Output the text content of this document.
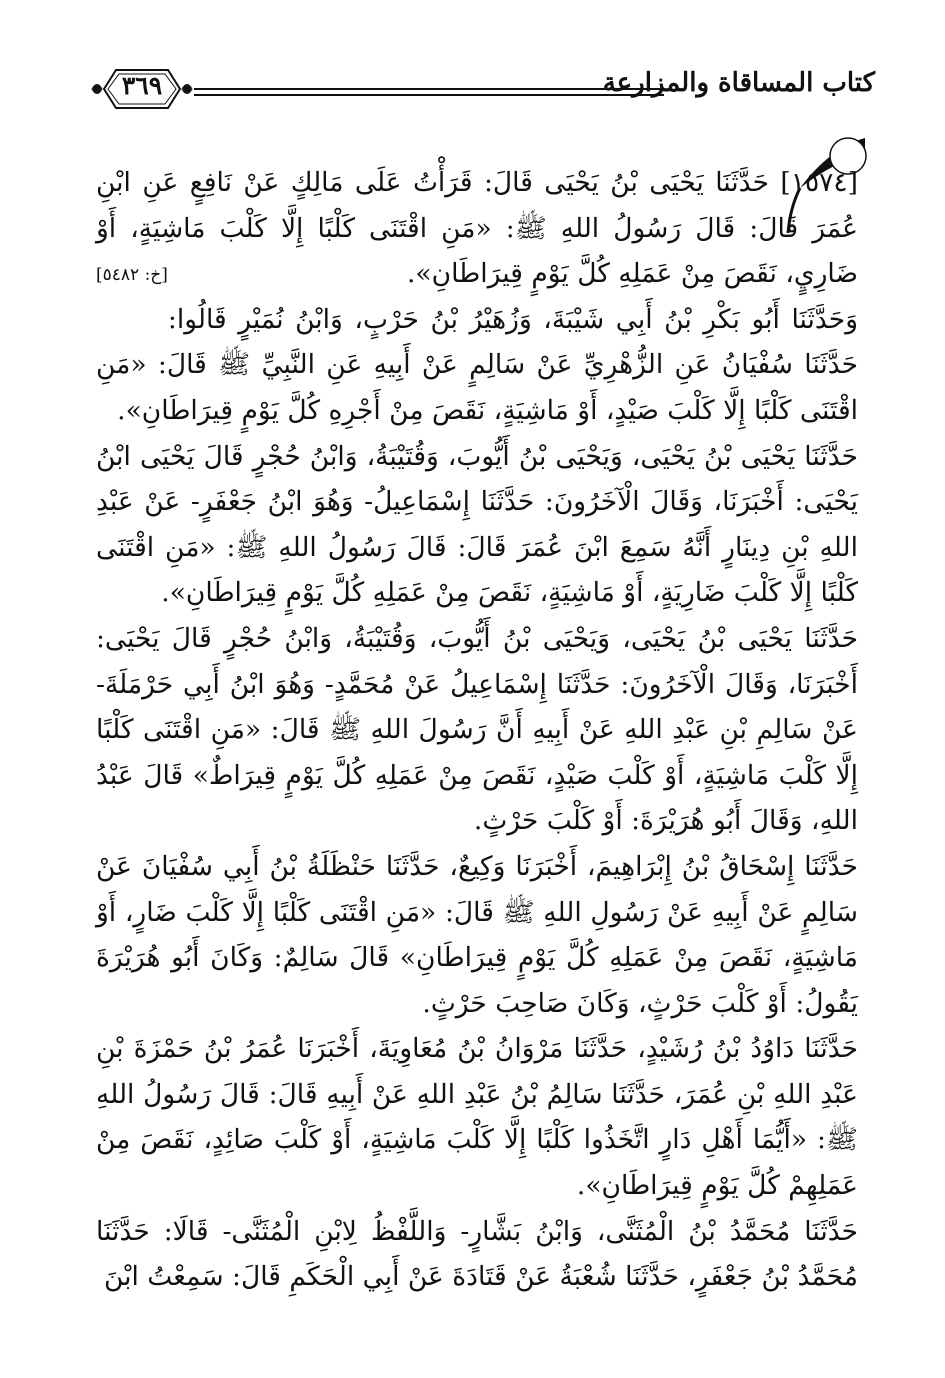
كتاب المساقاة والمزارعة
٣٦٩

[١٥٧٤] حَدَّثَنَا يَحْيَى بْنُ يَحْيَى قَالَ: قَرَأْتُ عَلَى مَالِكٍ عَنْ نَافِعٍ عَنِ ابْنِ عُمَرَ قَالَ: قَالَ رَسُولُ اللهِ ﷺ: «مَنِ اقْتَنَى كَلْبًا إِلَّا كَلْبَ مَاشِيَةٍ، أَوْ ضَارِيٍ، نَقَصَ مِنْ عَمَلِهِ كُلَّ يَوْمٍ قِيرَاطَانِ».
[خ: ٥٤٨٢]

وَحَدَّثَنَا أَبُو بَكْرِ بْنُ أَبِي شَيْبَةَ، وَزُهَيْرُ بْنُ حَرْبٍ، وَابْنُ نُمَيْرٍ قَالُوا: حَدَّثَنَا سُفْيَانُ عَنِ الزُّهْرِيِّ عَنْ سَالِمٍ عَنْ أَبِيهِ عَنِ النَّبِيِّ ﷺ قَالَ: «مَنِ اقْتَنَى كَلْبًا إِلَّا كَلْبَ صَيْدٍ، أَوْ مَاشِيَةٍ، نَقَصَ مِنْ أَجْرِهِ كُلَّ يَوْمٍ قِيرَاطَانِ».

حَدَّثَنَا يَحْيَى بْنُ يَحْيَى، وَيَحْيَى بْنُ أَيُّوبَ، وَقُتَيْبَةُ، وَابْنُ حُجْرٍ قَالَ يَحْيَى ابْنُ يَحْيَى: أَخْبَرَنَا، وَقَالَ الْآخَرُونَ: حَدَّثَنَا إِسْمَاعِيلُ- وَهُوَ ابْنُ جَعْفَرٍ- عَنْ عَبْدِ اللهِ بْنِ دِينَارٍ أَنَّهُ سَمِعَ ابْنَ عُمَرَ قَالَ: قَالَ رَسُولُ اللهِ ﷺ: «مَنِ اقْتَنَى كَلْبًا إِلَّا كَلْبَ ضَارِيَةٍ، أَوْ مَاشِيَةٍ، نَقَصَ مِنْ عَمَلِهِ كُلَّ يَوْمٍ قِيرَاطَانِ».

حَدَّثَنَا يَحْيَى بْنُ يَحْيَى، وَيَحْيَى بْنُ أَيُّوبَ، وَقُتَيْبَةُ، وَابْنُ حُجْرٍ قَالَ يَحْيَى: أَخْبَرَنَا، وَقَالَ الْآخَرُونَ: حَدَّثَنَا إِسْمَاعِيلُ عَنْ مُحَمَّدٍ- وَهُوَ ابْنُ أَبِي حَرْمَلَةَ- عَنْ سَالِمِ بْنِ عَبْدِ اللهِ عَنْ أَبِيهِ أَنَّ رَسُولَ اللهِ ﷺ قَالَ: «مَنِ اقْتَنَى كَلْبًا إِلَّا كَلْبَ مَاشِيَةٍ، أَوْ كَلْبَ صَيْدٍ، نَقَصَ مِنْ عَمَلِهِ كُلَّ يَوْمٍ قِيرَاطٌ» قَالَ عَبْدُ اللهِ، وَقَالَ أَبُو هُرَيْرَةَ: أَوْ كَلْبَ حَرْثٍ.

حَدَّثَنَا إِسْحَاقُ بْنُ إِبْرَاهِيمَ، أَخْبَرَنَا وَكِيعٌ، حَدَّثَنَا حَنْظَلَةُ بْنُ أَبِي سُفْيَانَ عَنْ سَالِمٍ عَنْ أَبِيهِ عَنْ رَسُولِ اللهِ ﷺ قَالَ: «مَنِ اقْتَنَى كَلْبًا إِلَّا كَلْبَ ضَارٍ، أَوْ مَاشِيَةٍ، نَقَصَ مِنْ عَمَلِهِ كُلَّ يَوْمٍ قِيرَاطَانِ» قَالَ سَالِمٌ: وَكَانَ أَبُو هُرَيْرَةَ يَقُولُ: أَوْ كَلْبَ حَرْثٍ، وَكَانَ صَاحِبَ حَرْثٍ.

حَدَّثَنَا دَاوُدُ بْنُ رُشَيْدٍ، حَدَّثَنَا مَرْوَانُ بْنُ مُعَاوِيَةَ، أَخْبَرَنَا عُمَرُ بْنُ حَمْزَةَ بْنِ عَبْدِ اللهِ بْنِ عُمَرَ، حَدَّثَنَا سَالِمُ بْنُ عَبْدِ اللهِ عَنْ أَبِيهِ قَالَ: قَالَ رَسُولُ اللهِ ﷺ: «أَيُّمَا أَهْلِ دَارٍ اتَّخَذُوا كَلْبًا إِلَّا كَلْبَ مَاشِيَةٍ، أَوْ كَلْبَ صَائِدٍ، نَقَصَ مِنْ عَمَلِهِمْ كُلَّ يَوْمٍ قِيرَاطَانِ».

حَدَّثَنَا مُحَمَّدُ بْنُ الْمُثَنَّى، وَابْنُ بَشَّارٍ- وَاللَّفْظُ لِابْنِ الْمُثَنَّى- قَالَا: حَدَّثَنَا مُحَمَّدُ بْنُ جَعْفَرٍ، حَدَّثَنَا شُعْبَةُ عَنْ قَتَادَةَ عَنْ أَبِي الْحَكَمِ قَالَ: سَمِعْتُ ابْنَ
